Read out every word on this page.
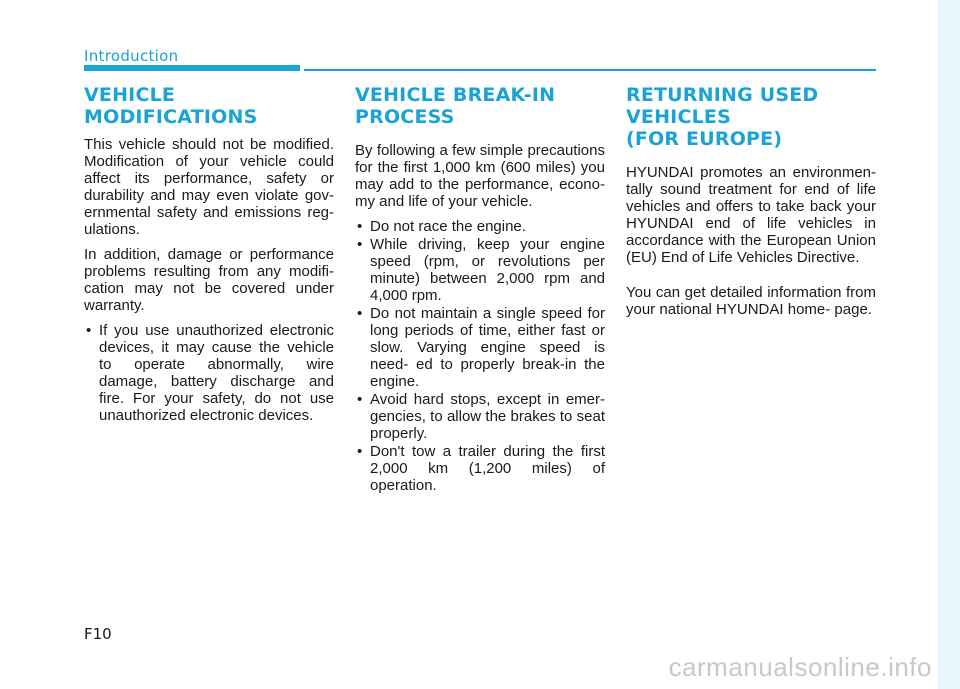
Introduction
VEHICLE MODIFICATIONS

This vehicle should not be modified. Modification of your vehicle could affect its performance, safety or durability and may even violate gov- ernmental safety and emissions reg- ulations.

In addition, damage or performance problems resulting from any modifi- cation may not be covered under warranty.

• If you use unauthorized electronic devices, it may cause the vehicle to operate abnormally, wire damage, battery discharge and fire. For your safety, do not use unauthorized electronic devices.
VEHICLE BREAK-IN
PROCESS

By following a few simple precautions for the first 1,000 km (600 miles) you may add to the performance, econo- my and life of your vehicle.

• Do not race the engine.
• While driving, keep your engine speed (rpm, or revolutions per minute) between 2,000 rpm and 4,000 rpm.
• Do not maintain a single speed for long periods of time, either fast or slow. Varying engine speed is need- ed to properly break-in the engine.
• Avoid hard stops, except in emer- gencies, to allow the brakes to seat properly.
• Don't tow a trailer during the first 2,000 km (1,200 miles) of operation.
RETURNING USED VEHICLES
(FOR EUROPE)

HYUNDAI promotes an environmen- tally sound treatment for end of life vehicles and offers to take back your HYUNDAI end of life vehicles in accordance with the European Union (EU) End of Life Vehicles Directive.

You can get detailed information from your national HYUNDAI home- page.

F10
carmanualsonline.info
